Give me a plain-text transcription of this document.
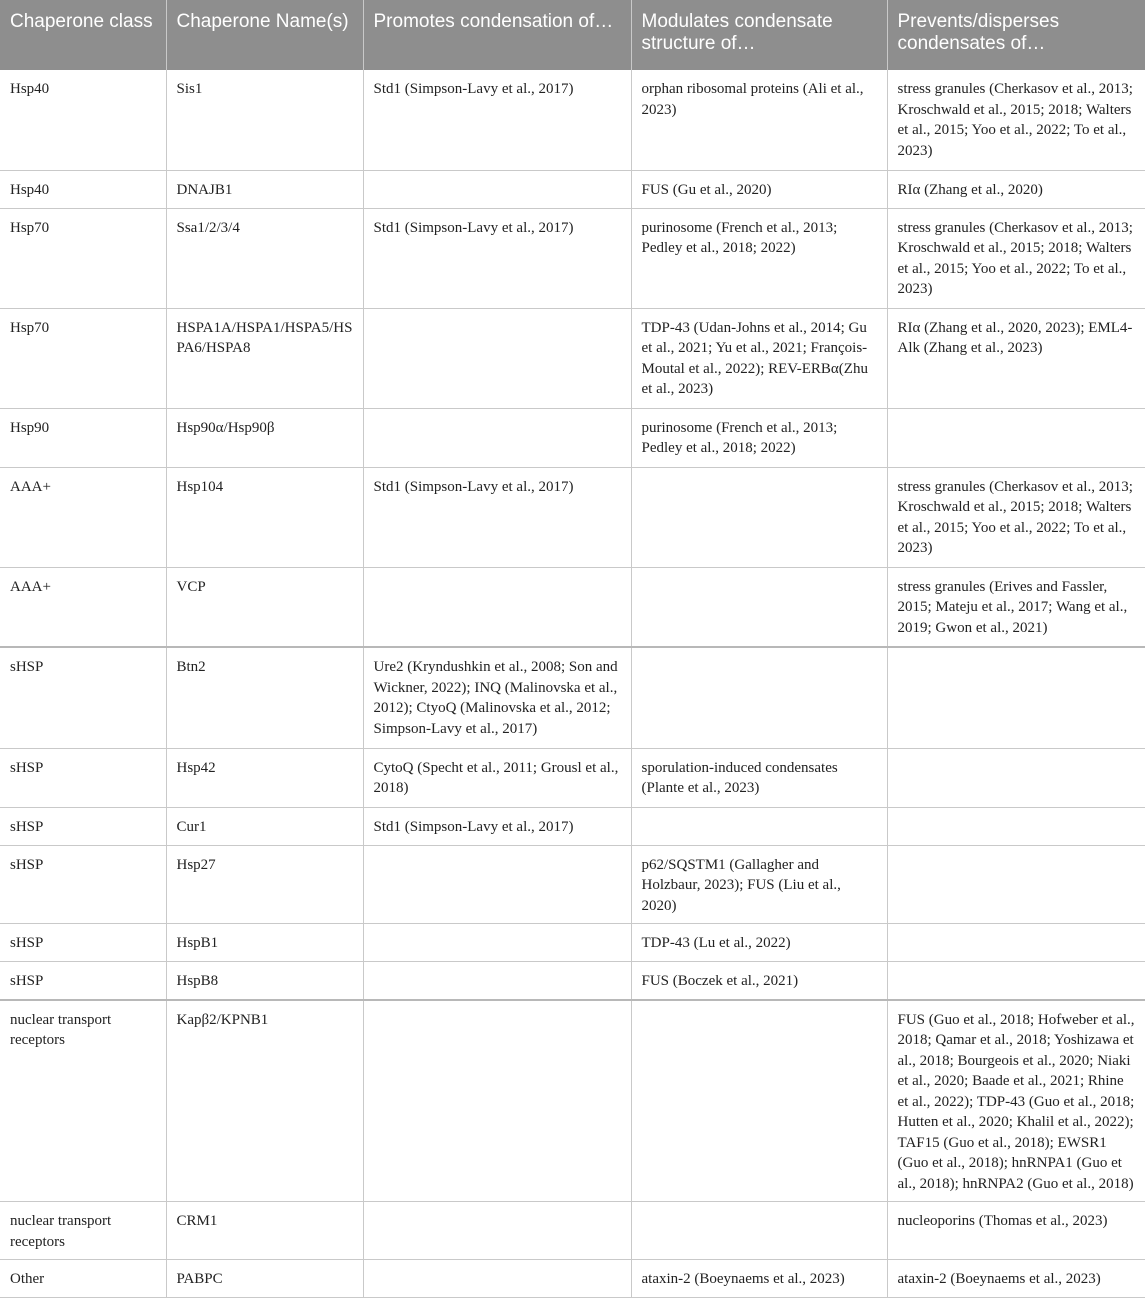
Chaperone class	Chaperone Name(s)	Promotes condensation of…	Modulates condensate structure of…	Prevents/disperses condensates of…
Hsp40	Sis1	Std1 (Simpson-Lavy et al., 2017)	orphan ribosomal proteins (Ali et al., 2023)	stress granules (Cherkasov et al., 2013; Kroschwald et al., 2015; 2018; Walters et al., 2015; Yoo et al., 2022; To et al., 2023)
Hsp40	DNAJB1		FUS (Gu et al., 2020)	RIα (Zhang et al., 2020)
Hsp70	Ssa1/2/3/4	Std1 (Simpson-Lavy et al., 2017)	purinosome (French et al., 2013; Pedley et al., 2018; 2022)	stress granules (Cherkasov et al., 2013; Kroschwald et al., 2015; 2018; Walters et al., 2015; Yoo et al., 2022; To et al., 2023)
Hsp70	HSPA1A/HSPA1/HSPA5/HSPA6/HSPA8		TDP-43 (Udan-Johns et al., 2014; Gu et al., 2021; Yu et al., 2021; François-Moutal et al., 2022); REV-ERBα(Zhu et al., 2023)	RIα (Zhang et al., 2020, 2023); EML4-Alk (Zhang et al., 2023)
Hsp90	Hsp90α/Hsp90β		purinosome (French et al., 2013; Pedley et al., 2018; 2022)	
AAA+	Hsp104	Std1 (Simpson-Lavy et al., 2017)		stress granules (Cherkasov et al., 2013; Kroschwald et al., 2015; 2018; Walters et al., 2015; Yoo et al., 2022; To et al., 2023)
AAA+	VCP			stress granules (Erives and Fassler, 2015; Mateju et al., 2017; Wang et al., 2019; Gwon et al., 2021)
sHSP	Btn2	Ure2 (Kryndushkin et al., 2008; Son and Wickner, 2022); INQ (Malinovska et al., 2012); CtyoQ (Malinovska et al., 2012; Simpson-Lavy et al., 2017)		
sHSP	Hsp42	CytoQ (Specht et al., 2011; Grousl et al., 2018)	sporulation-induced condensates (Plante et al., 2023)	
sHSP	Cur1	Std1 (Simpson-Lavy et al., 2017)		
sHSP	Hsp27		p62/SQSTM1 (Gallagher and Holzbaur, 2023); FUS (Liu et al., 2020)	
sHSP	HspB1		TDP-43 (Lu et al., 2022)	
sHSP	HspB8		FUS (Boczek et al., 2021)	
nuclear transport receptors	Kapβ2/KPNB1			FUS (Guo et al., 2018; Hofweber et al., 2018; Qamar et al., 2018; Yoshizawa et al., 2018; Bourgeois et al., 2020; Niaki et al., 2020; Baade et al., 2021; Rhine et al., 2022); TDP-43 (Guo et al., 2018; Hutten et al., 2020; Khalil et al., 2022); TAF15 (Guo et al., 2018); EWSR1 (Guo et al., 2018); hnRNPA1 (Guo et al., 2018); hnRNPA2 (Guo et al., 2018)
nuclear transport receptors	CRM1			nucleoporins (Thomas et al., 2023)
Other	PABPC		ataxin-2 (Boeynaems et al., 2023)	ataxin-2 (Boeynaems et al., 2023)
